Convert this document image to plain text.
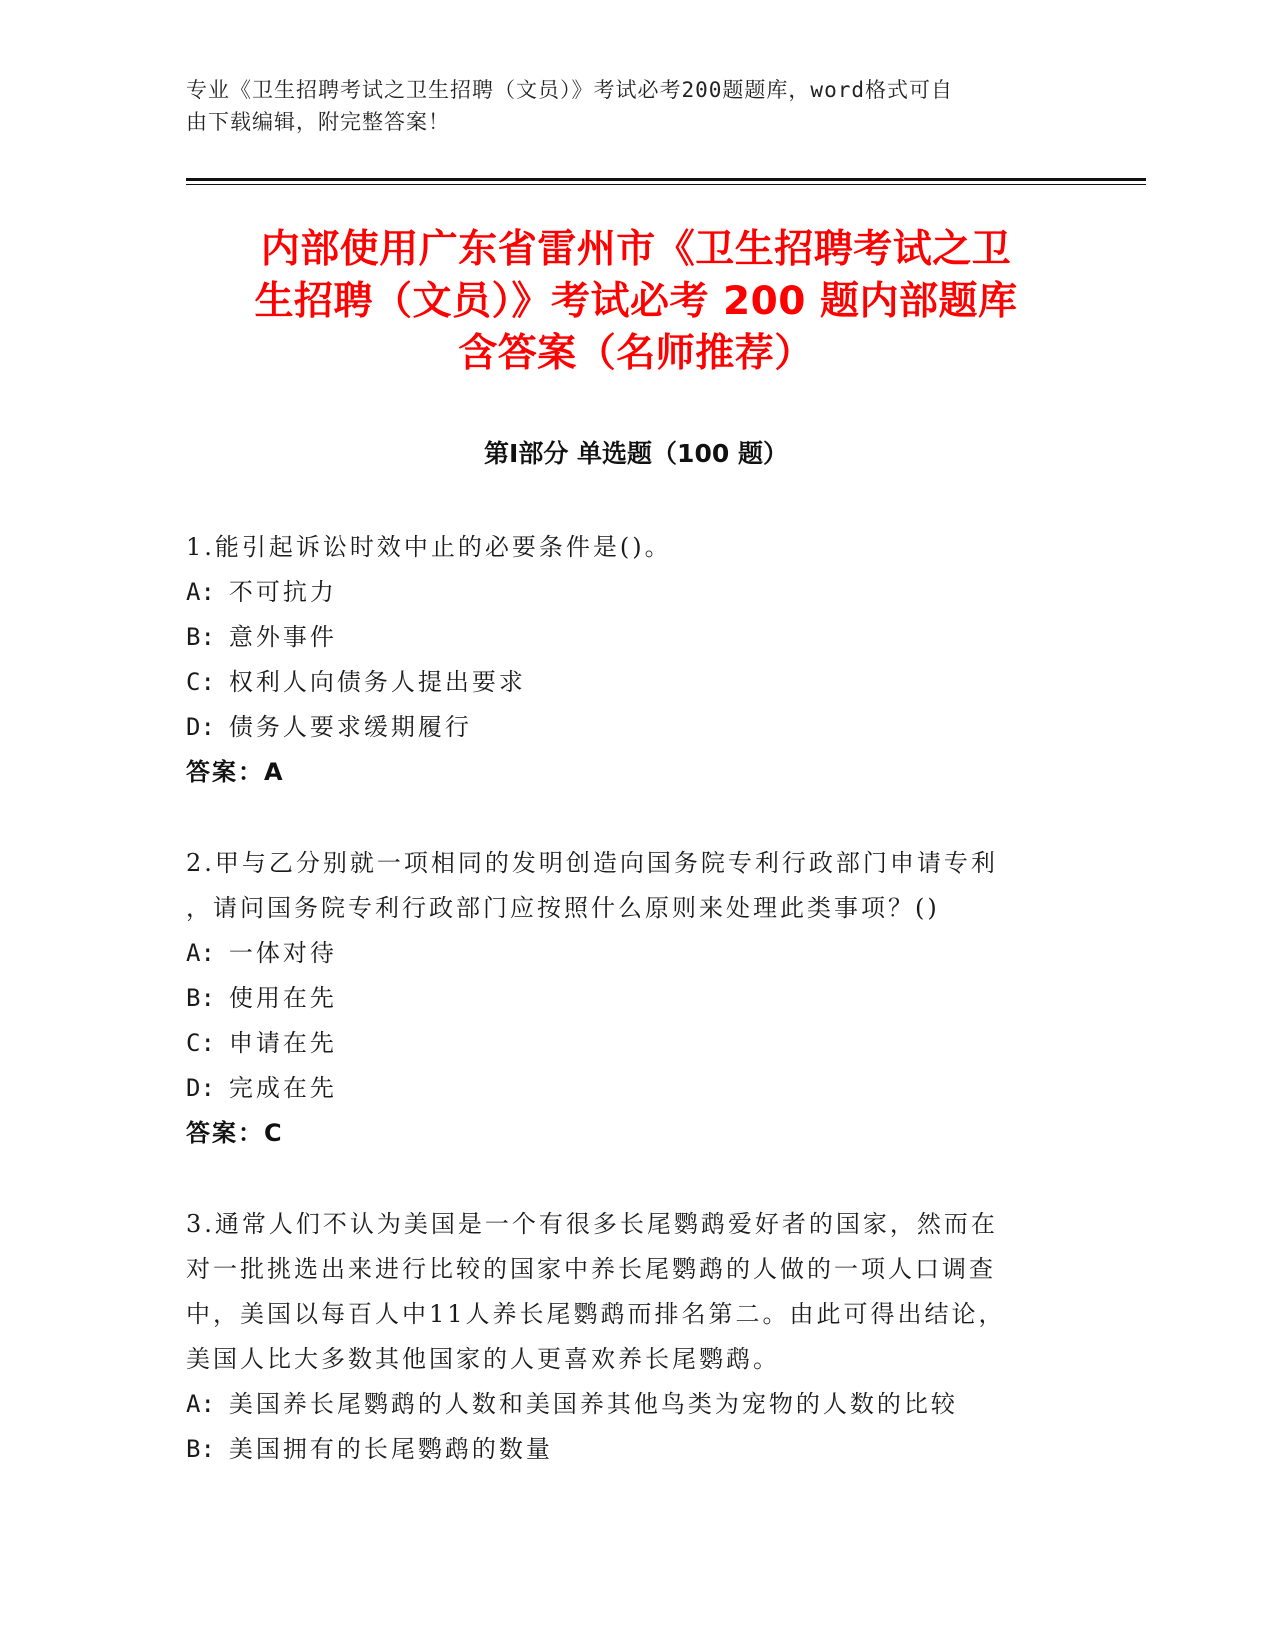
专业《卫生招聘考试之卫生招聘（文员）》考试必考200题题库，word格式可自
由下载编辑，附完整答案！
内部使用广东省雷州市《卫生招聘考试之卫
生招聘（文员）》考试必考 200 题内部题库
含答案（名师推荐）
第Ⅰ部分 单选题（100 题）
1.能引起诉讼时效中止的必要条件是()。
A: 不可抗力
B: 意外事件
C: 权利人向债务人提出要求
D: 债务人要求缓期履行
答案：A
2.甲与乙分别就一项相同的发明创造向国务院专利行政部门申请专利
，请问国务院专利行政部门应按照什么原则来处理此类事项？()
A: 一体对待
B: 使用在先
C: 申请在先
D: 完成在先
答案：C
3.通常人们不认为美国是一个有很多长尾鹦鹉爱好者的国家，然而在
对一批挑选出来进行比较的国家中养长尾鹦鹉的人做的一项人口调查
中，美国以每百人中11人养长尾鹦鹉而排名第二。由此可得出结论，
美国人比大多数其他国家的人更喜欢养长尾鹦鹉。
A: 美国养长尾鹦鹉的人数和美国养其他鸟类为宠物的人数的比较
B: 美国拥有的长尾鹦鹉的数量
